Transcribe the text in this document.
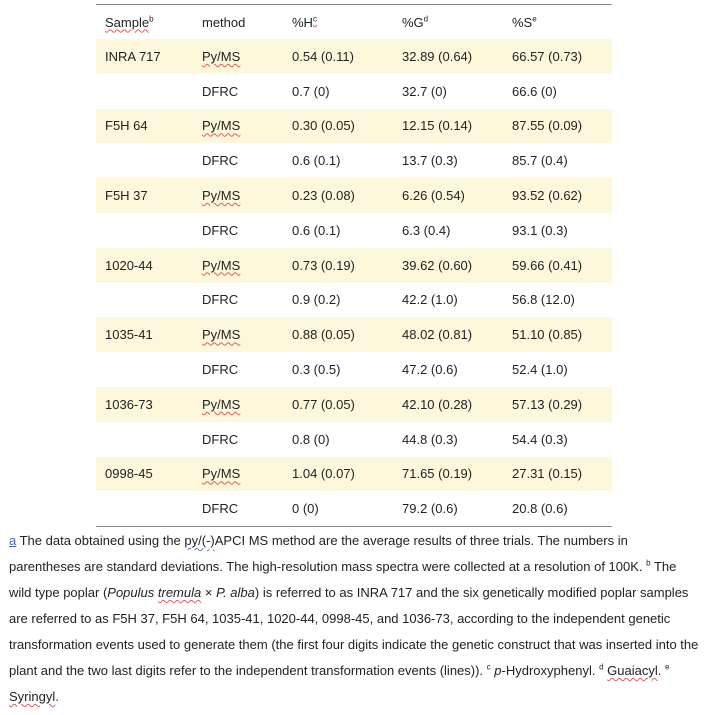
Sample$^b$	method	$\%H^c$	$\%G^d$	$\%S^e$
INRA 717	Py/MS	0.54 (0.11)	32.89 (0.64)	66.57 (0.73)
	DFRC	0.7 (0)	32.7 (0)	66.6 (0)
F5H 64	Py/MS	0.30 (0.05)	12.15 (0.14)	87.55 (0.09)
	DFRC	0.6 (0.1)	13.7 (0.3)	85.7 (0.4)
F5H 37	Py/MS	0.23 (0.08)	6.26 (0.54)	93.52 (0.62)
	DFRC	0.6 (0.1)	6.3 (0.4)	93.1 (0.3)
1020-44	Py/MS	0.73 (0.19)	39.62 (0.60)	59.66 (0.41)
	DFRC	0.9 (0.2)	42.2 (1.0)	56.8 (12.0)
1035-41	Py/MS	0.88 (0.05)	48.02 (0.81)	51.10 (0.85)
	DFRC	0.3 (0.5)	47.2 (0.6)	52.4 (1.0)
1036-73	Py/MS	0.77 (0.05)	42.10 (0.28)	57.13 (0.29)
	DFRC	0.8 (0)	44.8 (0.3)	54.4 (0.3)
0998-45	Py/MS	1.04 (0.07)	71.65 (0.19)	27.31 (0.15)
	DFRC	0 (0)	79.2 (0.6)	20.8 (0.6)

a The data obtained using the py/(-)APCI MS method are the average results of three trials. The numbers in parentheses are standard deviations. The high-resolution mass spectra were collected at a resolution of 100K. $^b$ The wild type poplar (Populus tremula × P. alba) is referred to as INRA 717 and the six genetically modified poplar samples are referred to as F5H 37, F5H 64, 1035-41, 1020-44, 0998-45, and 1036-73, according to the independent genetic transformation events used to generate them (the first four digits indicate the genetic construct that was inserted into the plant and the two last digits refer to the independent transformation events (lines)). $^c$ p-Hydroxyphenyl. $^d$ Guaiacyl. $^e$ Syringyl.
